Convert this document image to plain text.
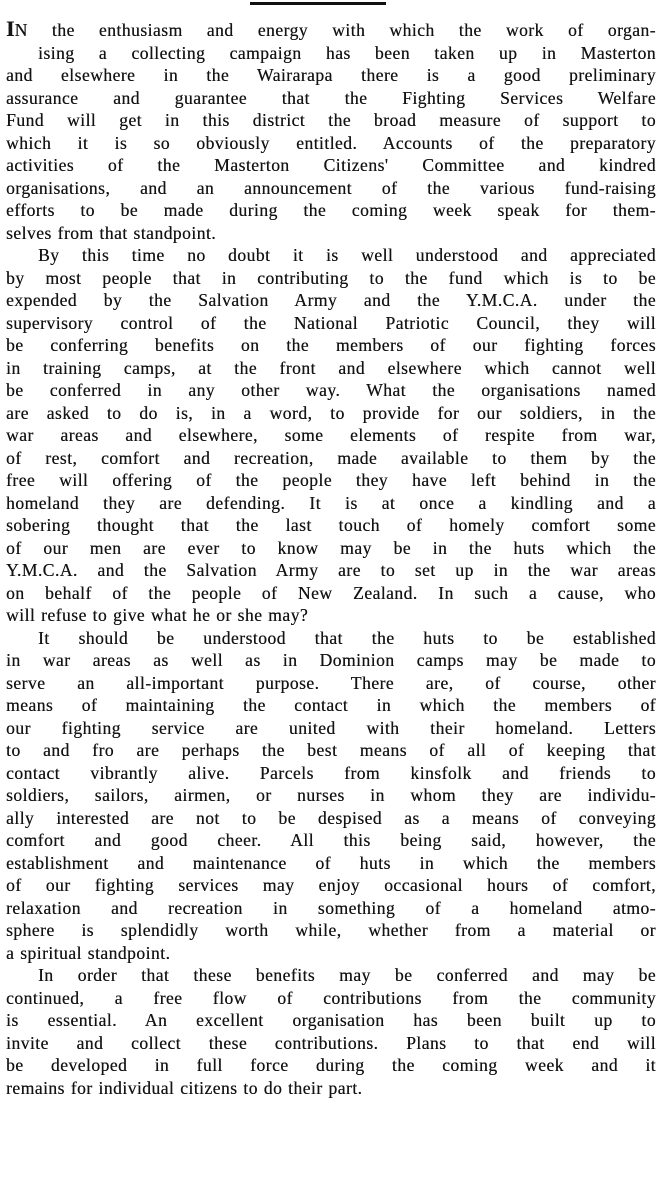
IN the enthusiasm and energy with which the work of organ-
ising a collecting campaign has been taken up in Masterton
and elsewhere in the Wairarapa there is a good preliminary
assurance and guarantee that the Fighting Services Welfare
Fund will get in this district the broad measure of support to
which it is so obviously entitled. Accounts of the preparatory
activities of the Masterton Citizens' Committee and kindred
organisations, and an announcement of the various fund-raising
efforts to be made during the coming week speak for them-
selves from that standpoint.
By this time no doubt it is well understood and appreciated
by most people that in contributing to the fund which is to be
expended by the Salvation Army and the Y.M.C.A. under the
supervisory control of the National Patriotic Council, they will
be conferring benefits on the members of our fighting forces
in training camps, at the front and elsewhere which cannot well
be conferred in any other way. What the organisations named
are asked to do is, in a word, to provide for our soldiers, in the
war areas and elsewhere, some elements of respite from war,
of rest, comfort and recreation, made available to them by the
free will offering of the people they have left behind in the
homeland they are defending. It is at once a kindling and a
sobering thought that the last touch of homely comfort some
of our men are ever to know may be in the huts which the
Y.M.C.A. and the Salvation Army are to set up in the war areas
on behalf of the people of New Zealand. In such a cause, who
will refuse to give what he or she may?
It should be understood that the huts to be established
in war areas as well as in Dominion camps may be made to
serve an all-important purpose. There are, of course, other
means of maintaining the contact in which the members of
our fighting service are united with their homeland. Letters
to and fro are perhaps the best means of all of keeping that
contact vibrantly alive. Parcels from kinsfolk and friends to
soldiers, sailors, airmen, or nurses in whom they are individu-
ally interested are not to be despised as a means of conveying
comfort and good cheer. All this being said, however, the
establishment and maintenance of huts in which the members
of our fighting services may enjoy occasional hours of comfort,
relaxation and recreation in something of a homeland atmo-
sphere is splendidly worth while, whether from a material or
a spiritual standpoint.
In order that these benefits may be conferred and may be
continued, a free flow of contributions from the community
is essential. An excellent organisation has been built up to
invite and collect these contributions. Plans to that end will
be developed in full force during the coming week and it
remains for individual citizens to do their part.
